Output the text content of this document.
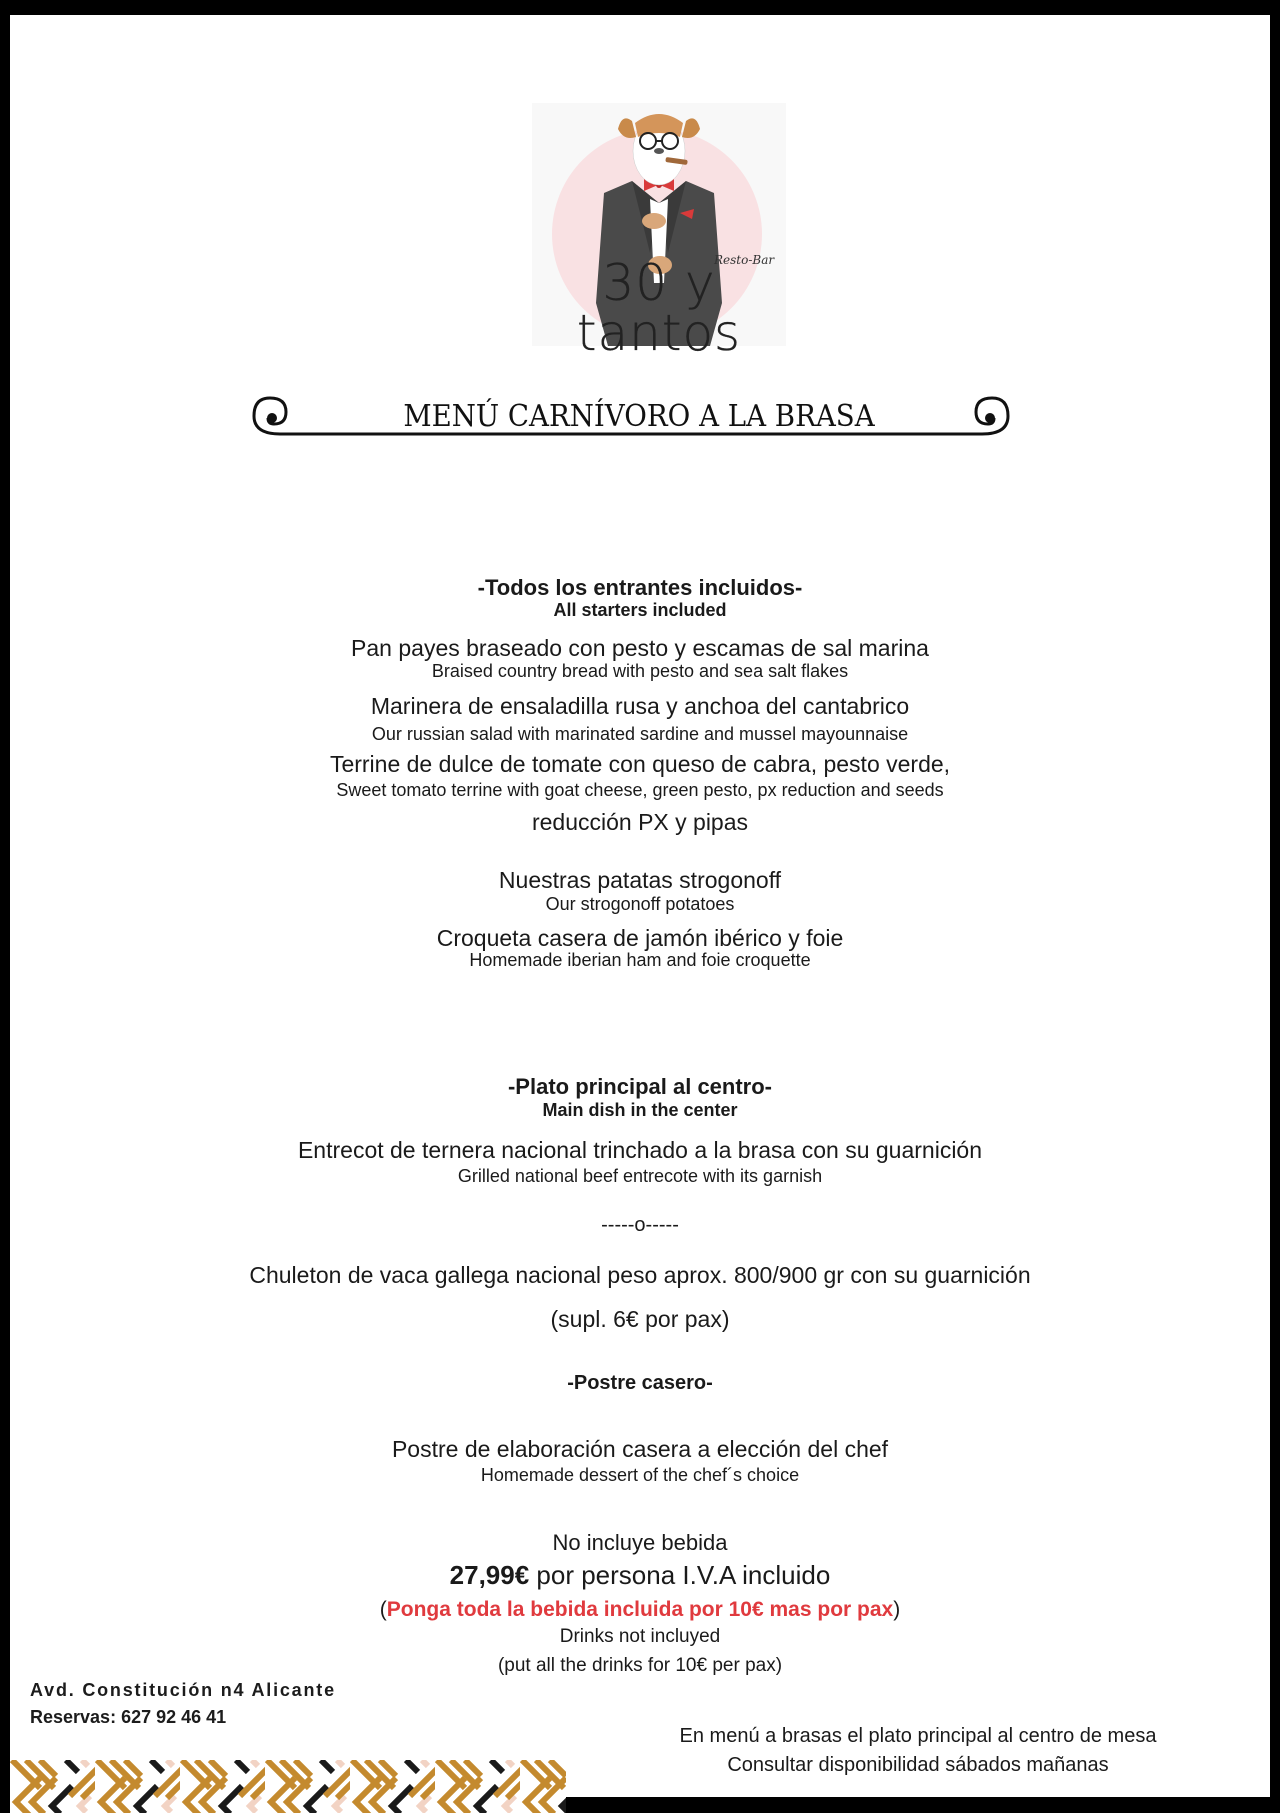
Resto-Bar
30 y tantos
MENÚ CARNÍVORO A LA BRASA
-Todos los entrantes incluidos-
All starters included
Pan payes braseado con pesto y escamas de sal marina
Braised country bread with pesto and sea salt flakes
Marinera de ensaladilla rusa y anchoa del cantabrico
Our russian salad with marinated sardine and mussel mayounnaise
Terrine de dulce de tomate con queso de cabra, pesto verde,
Sweet tomato terrine with goat cheese, green pesto, px reduction and seeds
reducción PX y pipas
Nuestras patatas strogonoff
Our strogonoff potatoes
Croqueta casera de jamón ibérico y foie
Homemade iberian ham and foie croquette
-Plato principal al centro-
Main dish in the center
Entrecot de ternera nacional trinchado a la brasa con su guarnición
Grilled national beef entrecote with its garnish
-----o-----
Chuleton de vaca gallega nacional peso aprox. 800/900 gr con su guarnición
(supl. 6€ por pax)
-Postre casero-
Postre de elaboración casera a elección del chef
Homemade dessert of the chef´s choice
No incluye bebida
27,99€ por persona I.V.A incluido
(Ponga toda la bebida incluida por 10€ mas por pax)
Drinks not incluyed
(put all the drinks for 10€ per pax)
Avd. Constitución n4 Alicante
Reservas: 627 92 46 41
En menú a brasas el plato principal al centro de mesa
Consultar disponibilidad sábados mañanas
